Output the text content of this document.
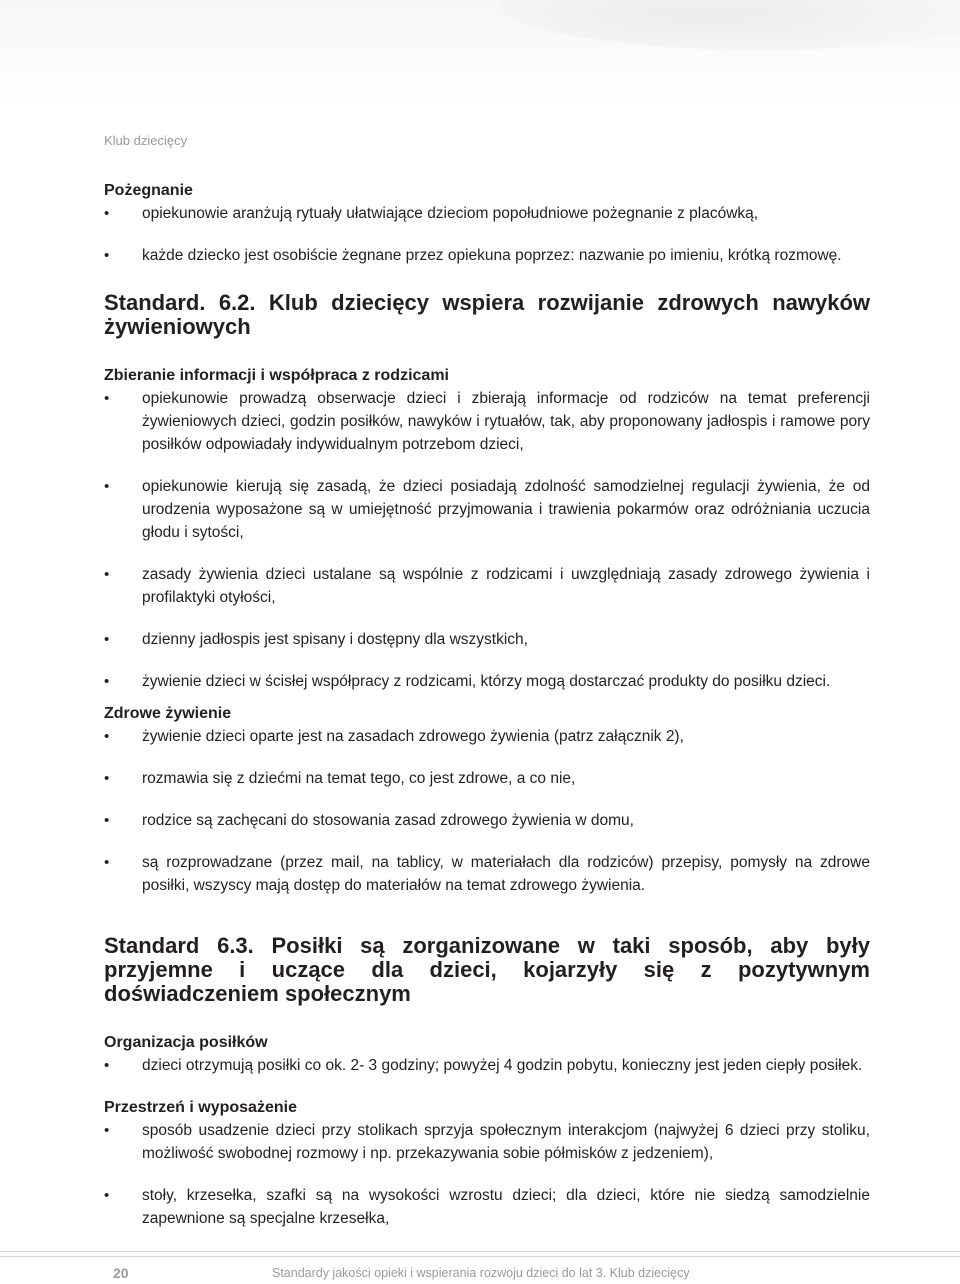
Klub dziecięcy

Pożegnanie

• opiekunowie aranżują rytuały ułatwiające dzieciom popołudniowe pożegnanie z placówką,
• każde dziecko jest osobiście żegnane przez opiekuna poprzez: nazwanie po imieniu, krótką rozmowę.

Standard. 6.2. Klub dziecięcy wspiera rozwijanie zdrowych nawyków żywieniowych

Zbieranie informacji i współpraca z rodzicami

• opiekunowie prowadzą obserwacje dzieci i zbierają informacje od rodziców na temat preferencji żywieniowych dzieci, godzin posiłków, nawyków i rytuałów, tak, aby proponowany jadłospis i ramowe pory posiłków odpowiadały indywidualnym potrzebom dzieci,
• opiekunowie kierują się zasadą, że dzieci posiadają zdolność samodzielnej regulacji żywienia, że od urodzenia wyposażone są w umiejętność przyjmowania i trawienia pokarmów oraz odróżniania uczucia głodu i sytości,
• zasady żywienia dzieci ustalane są wspólnie z rodzicami i uwzględniają zasady zdrowego żywienia i profilaktyki otyłości,
• dzienny jadłospis jest spisany i dostępny dla wszystkich,
• żywienie dzieci w ścisłej współpracy z rodzicami, którzy mogą dostarczać produkty do posiłku dzieci.

Zdrowe żywienie

• żywienie dzieci oparte jest na zasadach zdrowego żywienia (patrz załącznik 2),
• rozmawia się z dziećmi na temat tego, co jest zdrowe, a co nie,
• rodzice są zachęcani do stosowania zasad zdrowego żywienia w domu,
• są rozprowadzane (przez mail, na tablicy, w materiałach dla rodziców) przepisy, pomysły na zdrowe posiłki, wszyscy mają dostęp do materiałów na temat zdrowego żywienia.

Standard 6.3. Posiłki są zorganizowane w taki sposób, aby były przyjemne i uczące dla dzieci, kojarzyły się z pozytywnym doświadczeniem społecznym

Organizacja posiłków

• dzieci otrzymują posiłki co ok. 2- 3 godziny; powyżej 4 godzin pobytu, konieczny jest jeden ciepły posiłek.

Przestrzeń i wyposażenie

• sposób usadzenie dzieci przy stolikach sprzyja społecznym interakcjom (najwyżej 6 dzieci przy stoliku, możliwość swobodnej rozmowy i np. przekazywania sobie półmisków z jedzeniem),
• stoły, krzesełka, szafki są na wysokości wzrostu dzieci; dla dzieci, które nie siedzą samodzielnie zapewnione są specjalne krzesełka,
20	Standardy jakości opieki i wspierania rozwoju dzieci do lat 3. Klub dziecięcy
